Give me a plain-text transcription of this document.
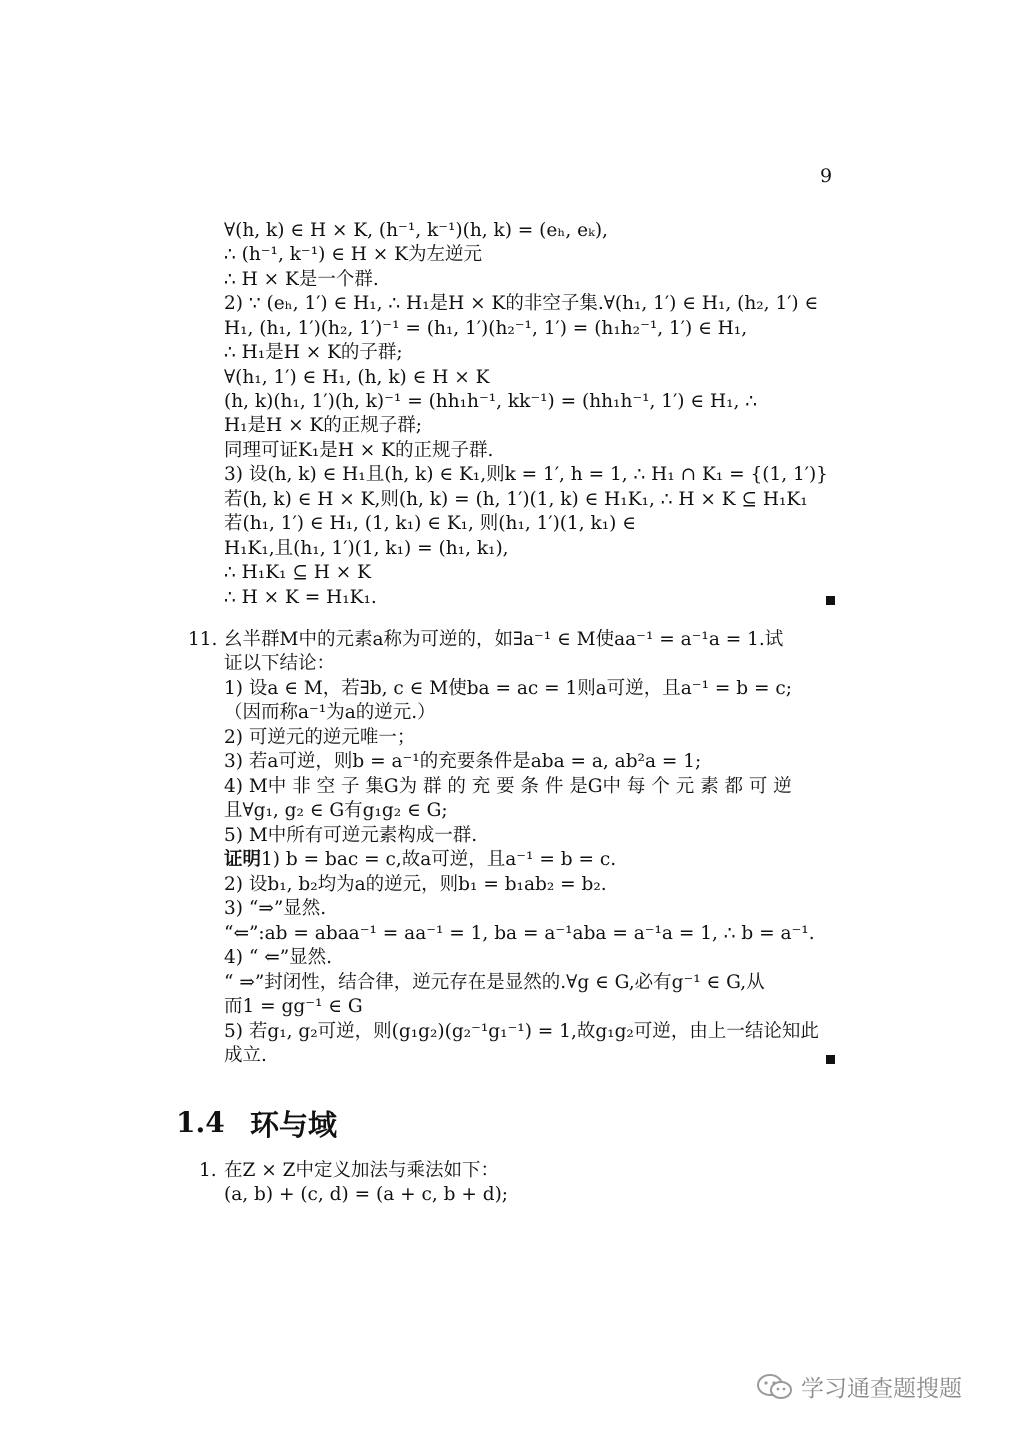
9
∀(h, k) ∈ H × K, (h⁻¹, k⁻¹)(h, k) = (eₕ, eₖ),
∴ (h⁻¹, k⁻¹) ∈ H × K为左逆元
∴ H × K是一个群.
2) ∵ (eₕ, 1′) ∈ H₁, ∴ H₁是H × K的非空子集.∀(h₁, 1′) ∈ H₁, (h₂, 1′) ∈
H₁, (h₁, 1′)(h₂, 1′)⁻¹ = (h₁, 1′)(h₂⁻¹, 1′) = (h₁h₂⁻¹, 1′) ∈ H₁,
∴ H₁是H × K的子群;
∀(h₁, 1′) ∈ H₁, (h, k) ∈ H × K
(h, k)(h₁, 1′)(h, k)⁻¹ = (hh₁h⁻¹, kk⁻¹) = (hh₁h⁻¹, 1′) ∈ H₁, ∴
H₁是H × K的正规子群;
同理可证K₁是H × K的正规子群.
3) 设(h, k) ∈ H₁且(h, k) ∈ K₁,则k = 1′, h = 1, ∴ H₁ ∩ K₁ = {(1, 1′)}
若(h, k) ∈ H × K,则(h, k) = (h, 1′)(1, k) ∈ H₁K₁, ∴ H × K ⊆ H₁K₁
若(h₁, 1′) ∈ H₁, (1, k₁) ∈ K₁, 则(h₁, 1′)(1, k₁) ∈
H₁K₁,且(h₁, 1′)(1, k₁) = (h₁, k₁),
∴ H₁K₁ ⊆ H × K
∴ H × K = H₁K₁.
11. 幺半群M中的元素a称为可逆的，如∃a⁻¹ ∈ M使aa⁻¹ = a⁻¹a = 1.试
证以下结论：
1) 设a ∈ M，若∃b, c ∈ M使ba = ac = 1则a可逆，且a⁻¹ = b = c;
（因而称a⁻¹为a的逆元.）
2) 可逆元的逆元唯一；
3) 若a可逆，则b = a⁻¹的充要条件是aba = a, ab²a = 1;
4) M中 非 空 子 集G为 群 的 充 要 条 件 是G中 每 个 元 素 都 可 逆
且∀g₁, g₂ ∈ G有g₁g₂ ∈ G;
5) M中所有可逆元素构成一群.
证明1) b = bac = c,故a可逆，且a⁻¹ = b = c.
2) 设b₁, b₂均为a的逆元，则b₁ = b₁ab₂ = b₂.
3) “⇒”显然.
“⇐”:ab = abaa⁻¹ = aa⁻¹ = 1, ba = a⁻¹aba = a⁻¹a = 1, ∴ b = a⁻¹.
4) “ ⇐”显然.
“ ⇒”封闭性，结合律，逆元存在是显然的.∀g ∈ G,必有g⁻¹ ∈ G,从
而1 = gg⁻¹ ∈ G
5) 若g₁, g₂可逆，则(g₁g₂)(g₂⁻¹g₁⁻¹) = 1,故g₁g₂可逆，由上一结论知此
成立.
1.4 环与域
1. 在Z × Z中定义加法与乘法如下：
(a, b) + (c, d) = (a + c, b + d);
学习通查题搜题
